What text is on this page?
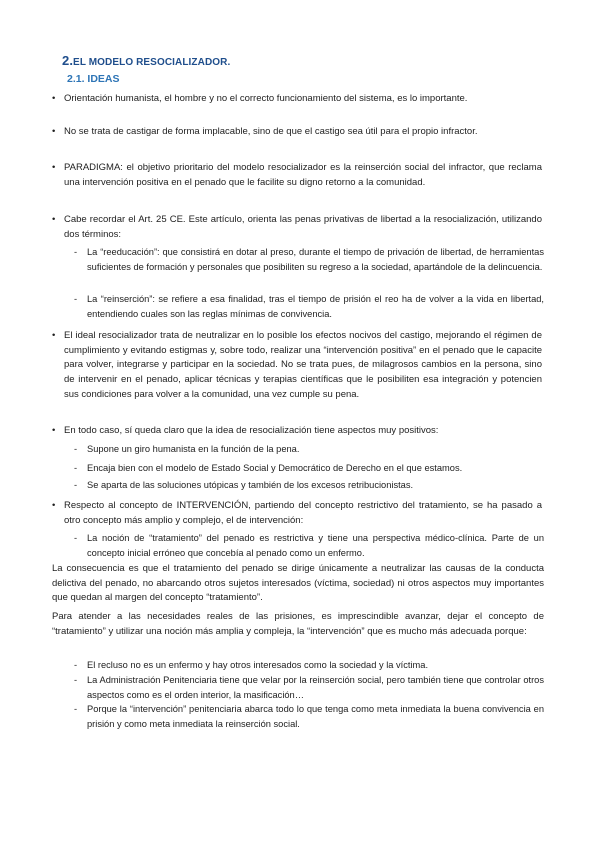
2.EL MODELO RESOCIALIZADOR.
2.1. IDEAS
• Orientación humanista, el hombre y no el correcto funcionamiento del sistema, es lo importante.
• No se trata de castigar de forma implacable, sino de que el castigo sea útil para el propio infractor.
• PARADIGMA: el objetivo prioritario del modelo resocializador es la reinserción social del infractor, que reclama una intervención positiva en el penado que le facilite su digno retorno a la comunidad.
• Cabe recordar el Art. 25 CE. Este artículo, orienta las penas privativas de libertad a la resocialización, utilizando dos términos:
- La “reeducación”: que consistirá en dotar al preso, durante el tiempo de privación de libertad, de herramientas suficientes de formación y personales que posibiliten su regreso a la sociedad, apartándole de la delincuencia.
- La “reinserción”: se refiere a esa finalidad, tras el tiempo de prisión el reo ha de volver a la vida en libertad, entendiendo cuales son las reglas mínimas de convivencia.
• El ideal resocializador trata de neutralizar en lo posible los efectos nocivos del castigo, mejorando el régimen de cumplimiento y evitando estigmas y, sobre todo, realizar una “intervención positiva” en el penado que le capacite para volver, integrarse y participar en la sociedad. No se trata pues, de milagrosos cambios en la persona, sino de intervenir en el penado, aplicar técnicas y terapias científicas que le posibiliten esa integración y potencien sus condiciones para volver a la comunidad, una vez cumple su pena.
• En todo caso, sí queda claro que la idea de resocialización tiene aspectos muy positivos:
- Supone un giro humanista en la función de la pena.
- Encaja bien con el modelo de Estado Social y Democrático de Derecho en el que estamos.
- Se aparta de las soluciones utópicas y también de los excesos retribucionistas.
• Respecto al concepto de INTERVENCIÓN, partiendo del concepto restrictivo del tratamiento, se ha pasado a otro concepto más amplio y complejo, el de intervención:
- La noción de “tratamiento” del penado es restrictiva y tiene una perspectiva médico-clínica. Parte de un concepto inicial erróneo que concebía al penado como un enfermo.
La consecuencia es que el tratamiento del penado se dirige únicamente a neutralizar las causas de la conducta delictiva del penado, no abarcando otros sujetos interesados (víctima, sociedad) ni otros aspectos muy importantes que quedan al margen del concepto “tratamiento”.
Para atender a las necesidades reales de las prisiones, es imprescindible avanzar, dejar el concepto de “tratamiento” y utilizar una noción más amplia y compleja, la “intervención” que es mucho más adecuada porque:
- El recluso no es un enfermo y hay otros interesados como la sociedad y la víctima.
- La Administración Penitenciaria tiene que velar por la reinserción social, pero también tiene que controlar otros aspectos como es el orden interior, la masificación…
- Porque la “intervención” penitenciaria abarca todo lo que tenga como meta inmediata la buena convivencia en prisión y como meta inmediata la reinserción social.
